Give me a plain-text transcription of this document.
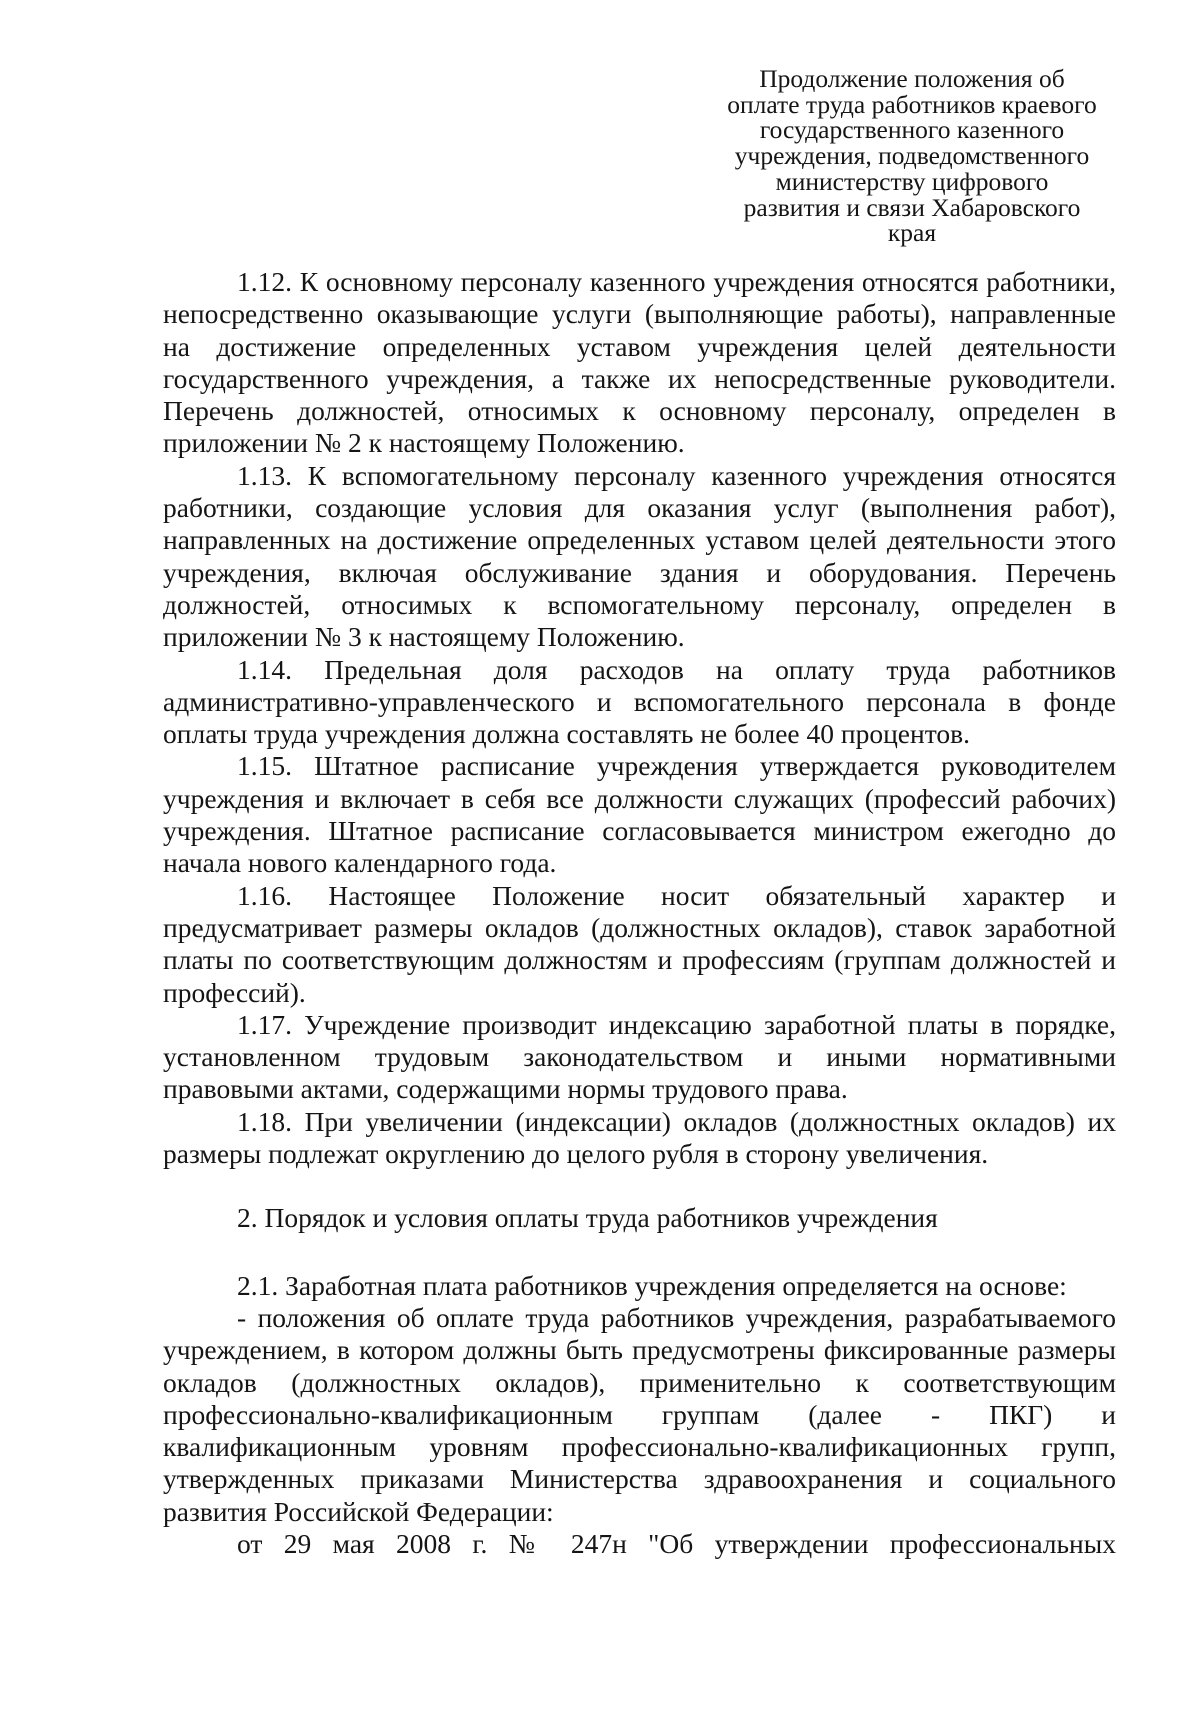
Продолжение положения об
оплате труда работников краевого
государственного казенного
учреждения, подведомственного
министерству цифрового
развития и связи Хабаровского
края

1.12. К основному персоналу казенного учреждения относятся работники, непосредственно оказывающие услуги (выполняющие работы), направленные на достижение определенных уставом учреждения целей деятельности государственного учреждения, а также их непосредственные руководители. Перечень должностей, относимых к основному персоналу, определен в приложении № 2 к настоящему Положению.

1.13. К вспомогательному персоналу казенного учреждения относятся работники, создающие условия для оказания услуг (выполнения работ), направленных на достижение определенных уставом целей деятельности этого учреждения, включая обслуживание здания и оборудования. Перечень должностей, относимых к вспомогательному персоналу, определен в приложении № 3 к настоящему Положению.

1.14. Предельная доля расходов на оплату труда работников административно-управленческого и вспомогательного персонала в фонде оплаты труда учреждения должна составлять не более 40 процентов.

1.15. Штатное расписание учреждения утверждается руководителем учреждения и включает в себя все должности служащих (профессий рабочих) учреждения. Штатное расписание согласовывается министром ежегодно до начала нового календарного года.

1.16. Настоящее Положение носит обязательный характер и предусматривает размеры окладов (должностных окладов), ставок заработной платы по соответствующим должностям и профессиям (группам должностей и профессий).

1.17. Учреждение производит индексацию заработной платы в порядке, установленном трудовым законодательством и иными нормативными правовыми актами, содержащими нормы трудового права.

1.18. При увеличении (индексации) окладов (должностных окладов) их размеры подлежат округлению до целого рубля в сторону увеличения.

2. Порядок и условия оплаты труда работников учреждения

2.1. Заработная плата работников учреждения определяется на основе:

- положения об оплате труда работников учреждения, разрабатываемого учреждением, в котором должны быть предусмотрены фиксированные размеры окладов (должностных окладов), применительно к соответствующим профессионально-квалификационным группам (далее - ПКГ) и квалификационным уровням профессионально-квалификационных групп, утвержденных приказами Министерства здравоохранения и социального развития Российской Федерации:

от 29 мая 2008 г. № 247н "Об утверждении профессиональных
